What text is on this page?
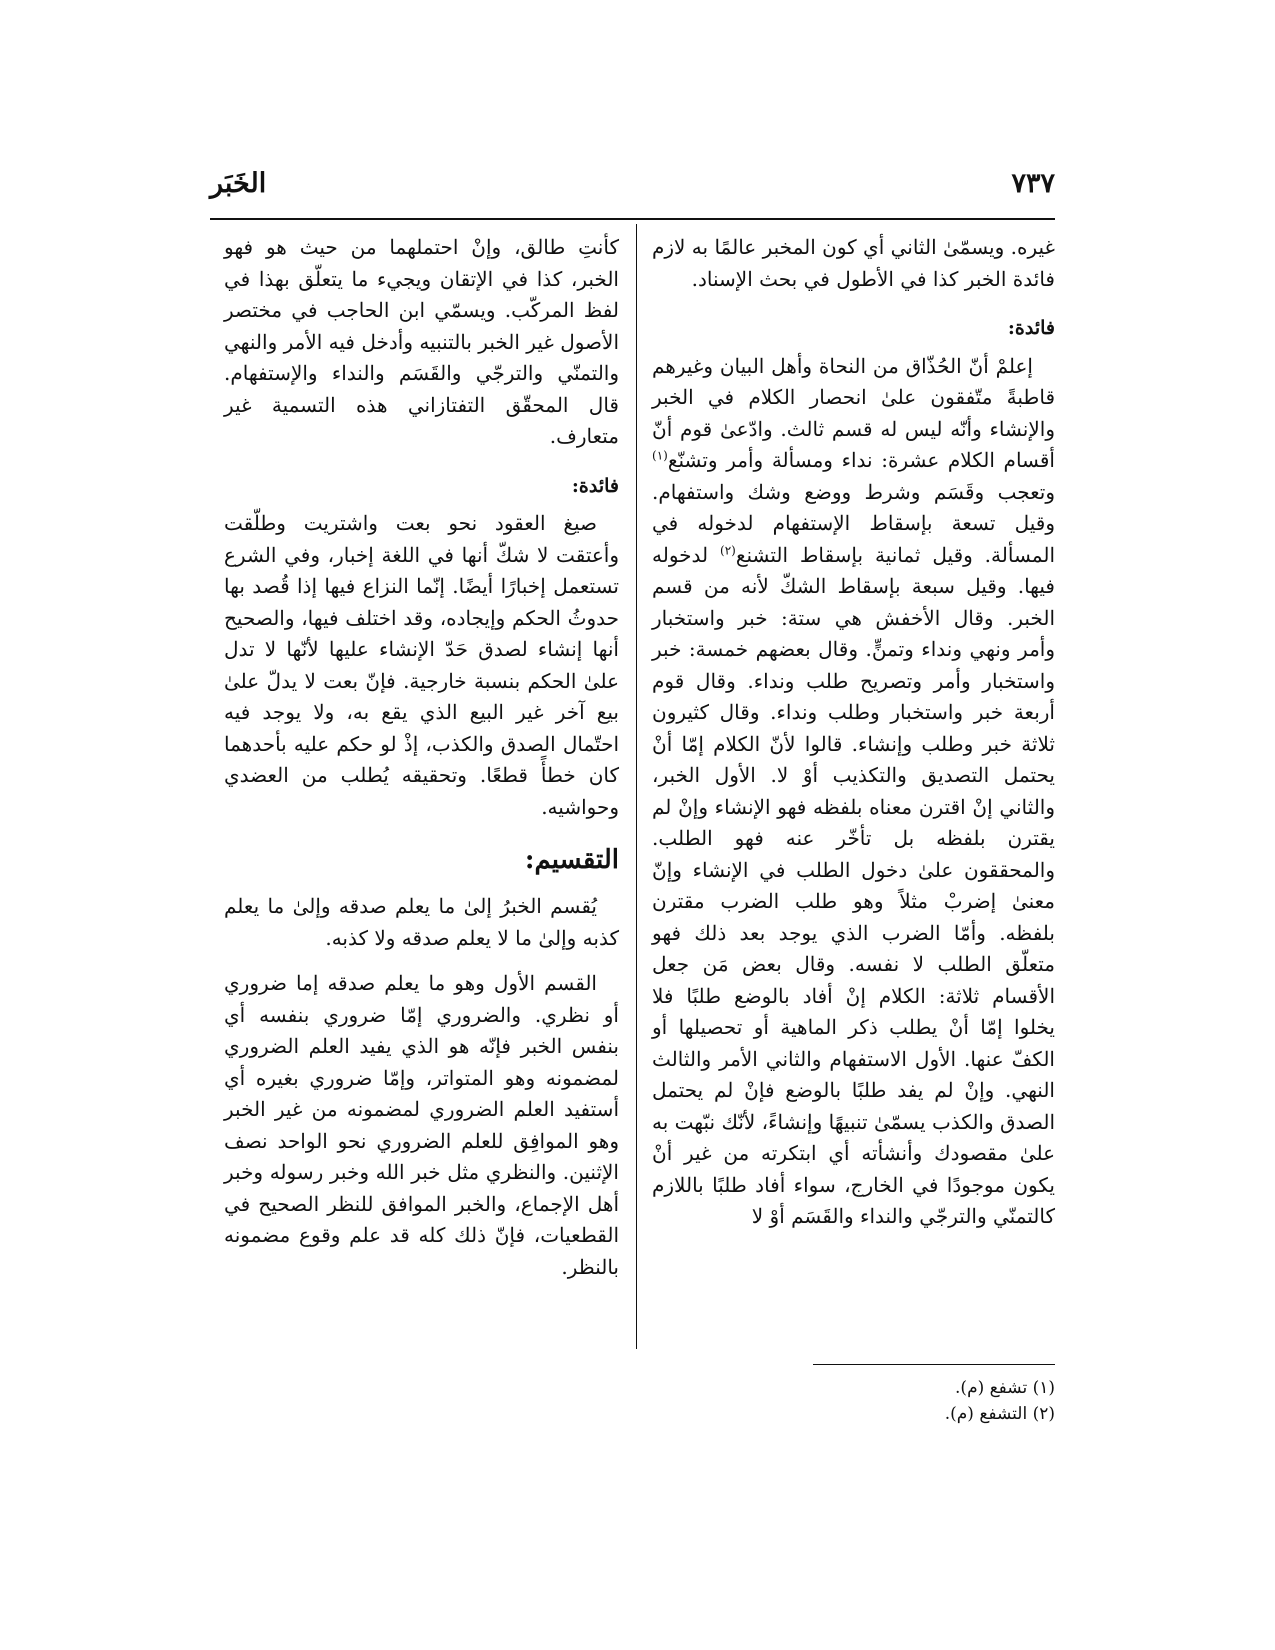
الخَبَر	٧٣٧

غيره. ويسمّىٰ الثاني أي كون المخبر عالمًا به لازم فائدة الخبر كذا في الأطول في بحث الإسناد.

فائدة:

إعلمْ أنّ الحُذّاق من النحاة وأهل البيان وغيرهم قاطبةً متّفقون علىٰ انحصار الكلام في الخبر والإنشاء وأنّه ليس له قسم ثالث. وادّعىٰ قوم أنّ أقسام الكلام عشرة: نداء ومسألة وأمر وتشنّع$^{(١)}$ وتعجب وقَسَم وشرط ووضع وشك واستفهام. وقيل تسعة بإسقاط الإستفهام لدخوله في المسألة. وقيل ثمانية بإسقاط التشنع$^{(٢)}$ لدخوله فيها. وقيل سبعة بإسقاط الشكّ لأنه من قسم الخبر. وقال الأخفش هي ستة: خبر واستخبار وأمر ونهي ونداء وتمنٍّ. وقال بعضهم خمسة: خبر واستخبار وأمر وتصريح طلب ونداء. وقال قوم أربعة خبر واستخبار وطلب ونداء. وقال كثيرون ثلاثة خبر وطلب وإنشاء. قالوا لأنّ الكلام إمّا أنْ يحتمل التصديق والتكذيب أوْ لا. الأول الخبر، والثاني إنْ اقترن معناه بلفظه فهو الإنشاء وإنْ لم يقترن بلفظه بل تأخّر عنه فهو الطلب. والمحققون علىٰ دخول الطلب في الإنشاء وإنّ معنىٰ إضربْ مثلاً وهو طلب الضرب مقترن بلفظه. وأمّا الضرب الذي يوجد بعد ذلك فهو متعلّق الطلب لا نفسه. وقال بعض مَن جعل الأقسام ثلاثة: الكلام إنْ أفاد بالوضع طلبًا فلا يخلوا إمّا أنْ يطلب ذكر الماهية أو تحصيلها أو الكفّ عنها. الأول الاستفهام والثاني الأمر والثالث النهي. وإنْ لم يفد طلبًا بالوضع فإنْ لم يحتمل الصدق والكذب يسمّىٰ تنبيهًا وإنشاءً، لأنّك نبّهت به علىٰ مقصودك وأنشأته أي ابتكرته من غير أنْ يكون موجودًا في الخارج، سواء أفاد طلبًا باللازم كالتمنّي والترجّي والنداء والقَسَم أوْ لا

كأنتِ طالق، وإنْ احتملهما من حيث هو فهو الخبر، كذا في الإتقان ويجيء ما يتعلّق بهذا في لفظ المركّب. ويسمّي ابن الحاجب في مختصر الأصول غير الخبر بالتنبيه وأدخل فيه الأمر والنهي والتمنّي والترجّي والقَسَم والنداء والإستفهام. قال المحقّق التفتازاني هذه التسمية غير متعارف.

فائدة:

صيغ العقود نحو بعت واشتريت وطلّقت وأعتقت لا شكّ أنها في اللغة إخبار، وفي الشرع تستعمل إخبارًا أيضًا. إنّما النزاع فيها إذا قُصد بها حدوثُ الحكم وإيجاده، وقد اختلف فيها، والصحيح أنها إنشاء لصدق حَدّ الإنشاء عليها لأنّها لا تدل علىٰ الحكم بنسبة خارجية. فإنّ بعت لا يدلّ علىٰ بيع آخر غير البيع الذي يقع به، ولا يوجد فيه احتّمال الصدق والكذب، إذْ لو حكم عليه بأحدهما كان خطأً قطعًا. وتحقيقه يُطلب من العضدي وحواشيه.

التقسيم:

يُقسم الخبرُ إلىٰ ما يعلم صدقه وإلىٰ ما يعلم كذبه وإلىٰ ما لا يعلم صدقه ولا كذبه.

القسم الأول وهو ما يعلم صدقه إما ضروري أو نظري. والضروري إمّا ضروري بنفسه أي بنفس الخبر فإنّه هو الذي يفيد العلم الضروري لمضمونه وهو المتواتر، وإمّا ضروري بغيره أي أستفيد العلم الضروري لمضمونه من غير الخبر وهو الموافِق للعلم الضروري نحو الواحد نصف الإثنين. والنظري مثل خبر الله وخبر رسوله وخبر أهل الإجماع، والخبر الموافق للنظر الصحيح في القطعيات، فإنّ ذلك كله قد علم وقوع مضمونه بالنظر.

(١) تشفع (م).

(٢) التشفع (م).
